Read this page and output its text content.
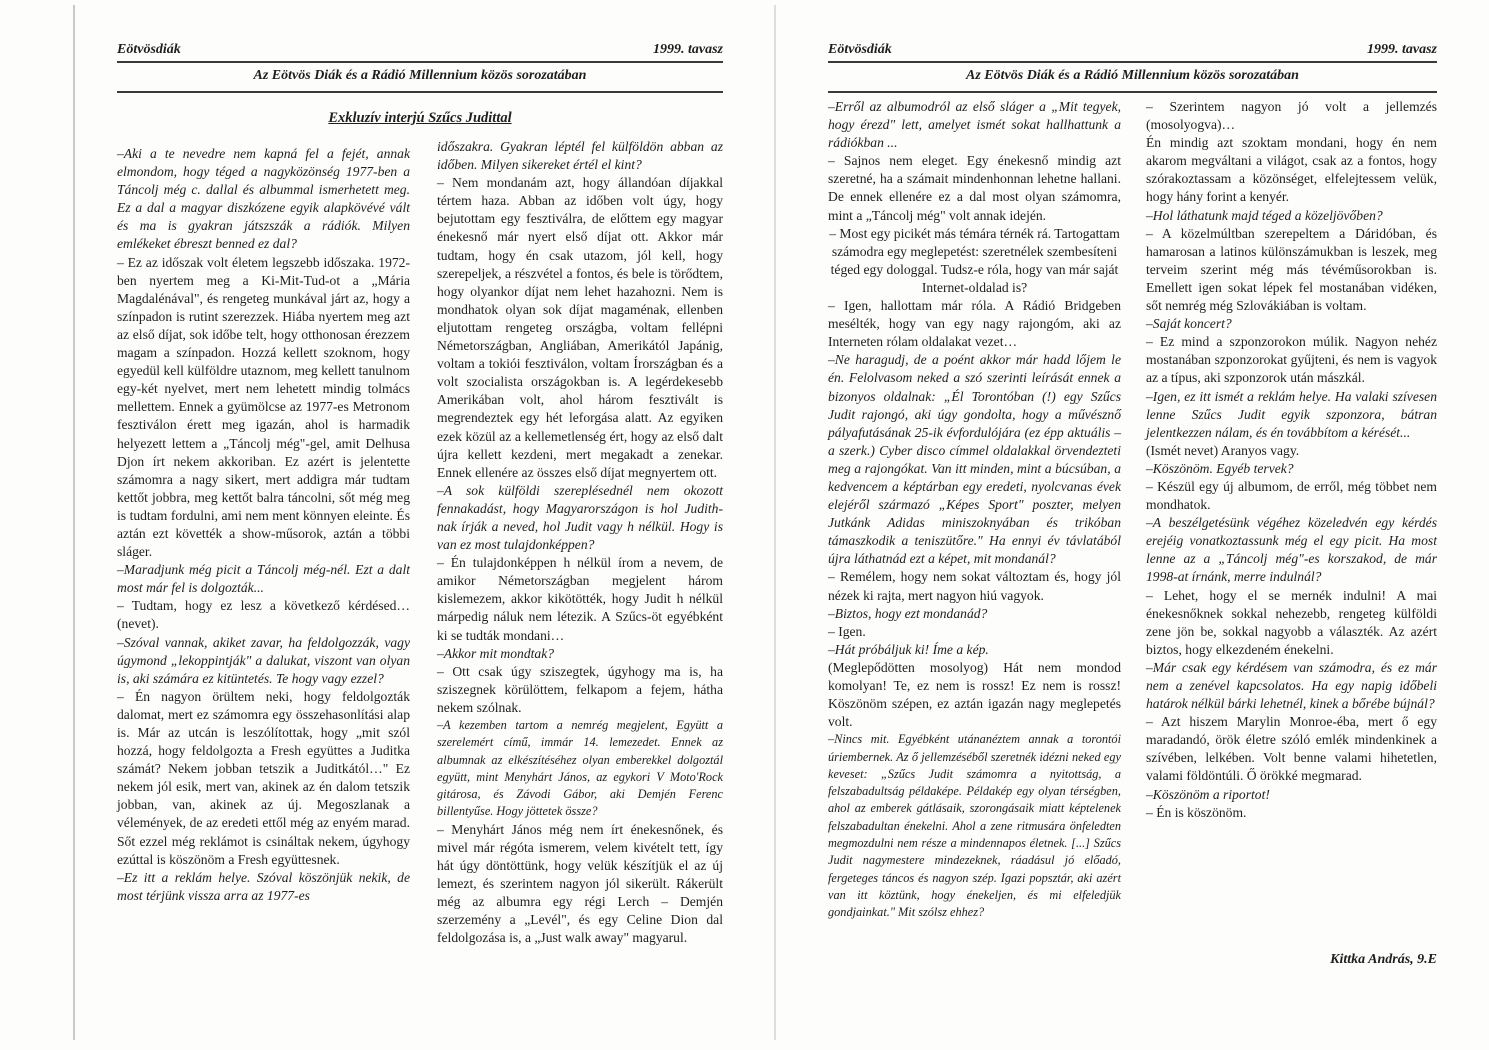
Eötvösdiák	1999. tavasz
Az Eötvös Diák és a Rádió Millennium közös sorozatában
Exkluzív interjú Szűcs Judittal

–Aki a te nevedre nem kapná fel a fejét, annak elmondom, hogy téged a nagyközönség 1977-ben a Táncolj még c. dallal és albummal ismerhetett meg. Ez a dal a magyar diszkózene egyik alapkövévé vált és ma is gyakran játszszák a rádiók. Milyen emlékeket ébreszt benned ez dal?

– Ez az időszak volt életem legszebb időszaka. 1972-ben nyertem meg a Ki-Mit-Tud-ot a „Mária Magdalénával", és rengeteg munkával járt az, hogy a színpadon is rutint szerezzek. Hiába nyertem meg azt az első díjat, sok időbe telt, hogy otthonosan érezzem magam a színpadon. Hozzá kellett szoknom, hogy egyedül kell külföldre utaznom, meg kellett tanulnom egy-két nyelvet, mert nem lehetett mindig tolmács mellettem. Ennek a gyümölcse az 1977-es Metronom fesztiválon érett meg igazán, ahol is harmadik helyezett lettem a „Táncolj még"-gel, amit Delhusa Djon írt nekem akkoriban. Ez azért is jelentette számomra a nagy sikert, mert addigra már tudtam kettőt jobbra, meg kettőt balra táncolni, sőt még meg is tudtam fordulni, ami nem ment könnyen eleinte. És aztán ezt követték a show-műsorok, aztán a többi sláger.

–Maradjunk még picit a Táncolj még-nél. Ezt a dalt most már fel is dolgozták...

– Tudtam, hogy ez lesz a következő kérdésed…(nevet).

–Szóval vannak, akiket zavar, ha feldolgozzák, vagy úgymond „lekoppintják" a dalukat, viszont van olyan is, aki számára ez kitüntetés. Te hogy vagy ezzel?

– Én nagyon örültem neki, hogy feldolgozták dalomat, mert ez számomra egy összehasonlítási alap is. Már az utcán is leszólítottak, hogy „mit szól hozzá, hogy feldolgozta a Fresh együttes a Juditka számát? Nekem jobban tetszik a Juditkától…" Ez nekem jól esik, mert van, akinek az én dalom tetszik jobban, van, akinek az új. Megoszlanak a vélemények, de az eredeti ettől még az enyém marad. Sőt ezzel még reklámot is csináltak nekem, úgyhogy ezúttal is köszönöm a Fresh együttesnek.

–Ez itt a reklám helye. Szóval köszönjük nekik, de most térjünk vissza arra az 1977-es

időszakra. Gyakran léptél fel külföldön abban az időben. Milyen sikereket értél el kint?

– Nem mondanám azt, hogy állandóan díjakkal tértem haza. Abban az időben volt úgy, hogy bejutottam egy fesztiválra, de előttem egy magyar énekesnő már nyert első díjat ott. Akkor már tudtam, hogy én csak utazom, jól kell, hogy szerepeljek, a részvétel a fontos, és bele is törődtem, hogy olyankor díjat nem lehet hazahozni. Nem is mondhatok olyan sok díjat magaménak, ellenben eljutottam rengeteg országba, voltam fellépni Németországban, Angliában, Amerikától Japánig, voltam a tokiói fesztiválon, voltam Írországban és a volt szocialista országokban is. A legérdekesebb Amerikában volt, ahol három fesztivált is megrendeztek egy hét leforgása alatt. Az egyiken ezek közül az a kellemetlenség ért, hogy az első dalt újra kellett kezdeni, mert megakadt a zenekar. Ennek ellenére az összes első díjat megnyertem ott.

–A sok külföldi szereplésednél nem okozott fennakadást, hogy Magyarországon is hol Judith-nak írják a neved, hol Judit vagy h nélkül. Hogy is van ez most tulajdonképpen?

– Én tulajdonképpen h nélkül írom a nevem, de amikor Németországban megjelent három kislemezem, akkor kikötötték, hogy Judit h nélkül márpedig náluk nem létezik. A Szűcs-öt egyébként ki se tudták mondani…

–Akkor mit mondtak?

– Ott csak úgy sziszegtek, úgyhogy ma is, ha sziszegnek körülöttem, felkapom a fejem, hátha nekem szólnak.

–A kezemben tartom a nemrég megjelent, Együtt a szerelemért című, immár 14. lemezedet. Ennek az albumnak az elkészítéséhez olyan emberekkel dolgoztál együtt, mint Menyhárt János, az egykori V Moto'Rock gitárosa, és Závodi Gábor, aki Demjén Ferenc billentyűse. Hogy jöttetek össze?

– Menyhárt János még nem írt énekesnőnek, és mivel már régóta ismerem, velem kivételt tett, így hát úgy döntöttünk, hogy velük készítjük el az új lemezt, és szerintem nagyon jól sikerült. Rákerült még az albumra egy régi Lerch – Demjén szerzemény a „Levél", és egy Celine Dion dal feldolgozása is, a „Just walk away" magyarul.

Eötvösdiák	1999. tavasz
Az Eötvös Diák és a Rádió Millennium közös sorozatában

–Erről az albumodról az első sláger a „Mit tegyek, hogy érezd" lett, amelyet ismét sokat hallhattunk a rádiókban ...

– Sajnos nem eleget. Egy énekesnő mindig azt szeretné, ha a számait mindenhonnan lehetne hallani. De ennek ellenére ez a dal most olyan számomra, mint a „Táncolj még" volt annak idején.

– Most egy picikét más témára térnék rá. Tartogattam számodra egy meglepetést: szeretnélek szembesíteni téged egy dologgal. Tudsz-e róla, hogy van már saját Internet-oldalad is?

– Igen, hallottam már róla. A Rádió Bridgeben mesélték, hogy van egy nagy rajongóm, aki az Interneten rólam oldalakat vezet…

–Ne haragudj, de a poént akkor már hadd lőjem le én. Felolvasom neked a szó szerinti leírását ennek a bizonyos oldalnak: „Él Torontóban (!) egy Szűcs Judit rajongó, aki úgy gondolta, hogy a művésznő pályafutásának 25-ik évfordulójára (ez épp aktuális – a szerk.) Cyber disco címmel oldalakkal örvendezteti meg a rajongókat. Van itt minden, mint a búcsúban, a kedvencem a képtárban egy eredeti, nyolcvanas évek elejéről származó „Képes Sport" poszter, melyen Jutkánk Adidas miniszoknyában és trikóban támaszkodik a teniszütőre." Ha ennyi év távlatából újra láthatnád ezt a képet, mit mondanál?

– Remélem, hogy nem sokat változtam és, hogy jól nézek ki rajta, mert nagyon hiú vagyok.

–Biztos, hogy ezt mondanád?

– Igen.

–Hát próbáljuk ki! Íme a kép.

(Meglepődötten mosolyog) Hát nem mondod komolyan! Te, ez nem is rossz! Ez nem is rossz! Köszönöm szépen, ez aztán igazán nagy meglepetés volt.

–Nincs mit. Egyébként utánanéztem annak a torontói úriembernek. Az ő jellemzéséből szeretnék idézni neked egy keveset: „Szűcs Judit számomra a nyitottság, a felszabadultság példaképe. Példakép egy olyan térségben, ahol az emberek gátlásaik, szorongásaik miatt képtelenek felszabadultan énekelni. Ahol a zene ritmusára önfeledten megmozdulni nem része a mindennapos életnek. [...] Szűcs Judit nagymestere mindezeknek, ráadásul jó előadó, fergeteges táncos és nagyon szép. Igazi popsztár, aki azért van itt köztünk, hogy énekeljen, és mi elfeledjük gondjainkat." Mit szólsz ehhez?

– Szerintem nagyon jó volt a jellemzés (mosolyogva)…

Én mindig azt szoktam mondani, hogy én nem akarom megváltani a világot, csak az a fontos, hogy szórakoztassam a közönséget, elfelejtessem velük, hogy hány forint a kenyér.

–Hol láthatunk majd téged a közeljövőben?

– A közelmúltban szerepeltem a Dáridóban, és hamarosan a latinos különszámukban is leszek, meg terveim szerint még más tévéműsorokban is. Emellett igen sokat lépek fel mostanában vidéken, sőt nemrég még Szlovákiában is voltam.

–Saját koncert?

– Ez mind a szponzorokon múlik. Nagyon nehéz mostanában szponzorokat gyűjteni, és nem is vagyok az a típus, aki szponzorok után mászkál.

–Igen, ez itt ismét a reklám helye. Ha valaki szívesen lenne Szűcs Judit egyik szponzora, bátran jelentkezzen nálam, és én továbbítom a kérését...

(Ismét nevet) Aranyos vagy.

–Köszönöm. Egyéb tervek?

– Készül egy új albumom, de erről, még többet nem mondhatok.

–A beszélgetésünk végéhez közeledvén egy kérdés erejéig vonatkoztassunk még el egy picit. Ha most lenne az a „Táncolj még"-es korszakod, de már 1998-at írnánk, merre indulnál?

– Lehet, hogy el se mernék indulni! A mai énekesnőknek sokkal nehezebb, rengeteg külföldi zene jön be, sokkal nagyobb a választék. Az azért biztos, hogy elkezdeném énekelni.

–Már csak egy kérdésem van számodra, és ez már nem a zenével kapcsolatos. Ha egy napig időbeli határok nélkül bárki lehetnél, kinek a bőrébe bújnál?

– Azt hiszem Marylin Monroe-éba, mert ő egy maradandó, örök életre szóló emlék mindenkinek a szívében, lelkében. Volt benne valami hihetetlen, valami földöntúli. Ő örökké megmarad.

–Köszönöm a riportot!

– Én is köszönöm.

Kittka András, 9.E
